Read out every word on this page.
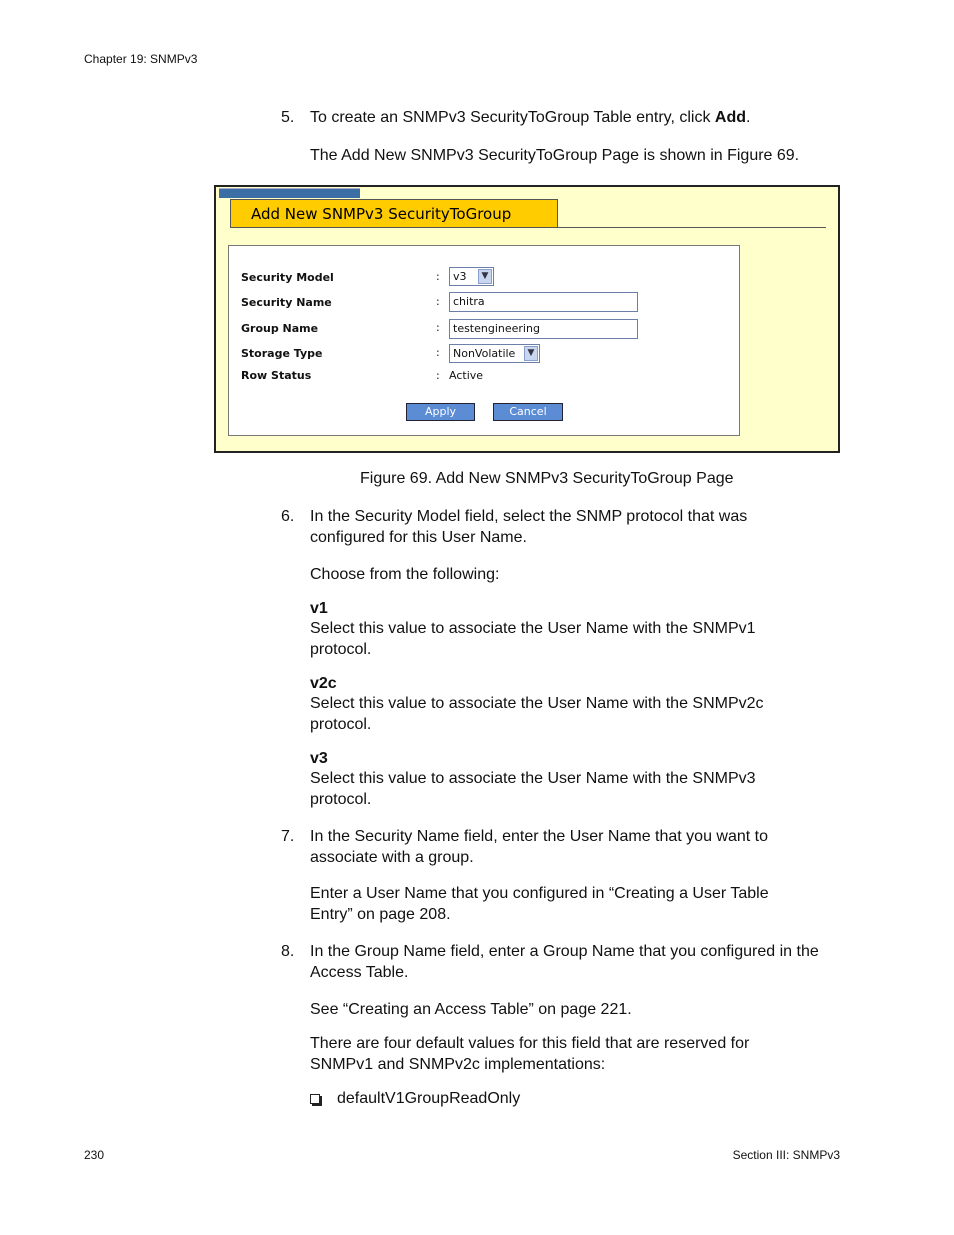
Chapter 19: SNMPv3
5. To create an SNMPv3 SecurityToGroup Table entry, click Add.
The Add New SNMPv3 SecurityToGroup Page is shown in Figure 69.
Add New SNMPv3 SecurityToGroup
Security Model	:	v3	▼
Security Name	:	chitra
Group Name	:	testengineering
Storage Type	:	NonVolatile	▼
Row Status	: Active
Apply	Cancel
Figure 69. Add New SNMPv3 SecurityToGroup Page
6. In the Security Model field, select the SNMP protocol that was configured for this User Name.
Choose from the following:
v1
Select this value to associate the User Name with the SNMPv1 protocol.
v2c
Select this value to associate the User Name with the SNMPv2c protocol.
v3
Select this value to associate the User Name with the SNMPv3 protocol.
7. In the Security Name field, enter the User Name that you want to associate with a group.
Enter a User Name that you configured in “Creating a User Table Entry” on page 208.
8. In the Group Name field, enter a Group Name that you configured in the Access Table.
See “Creating an Access Table” on page 221.
There are four default values for this field that are reserved for SNMPv1 and SNMPv2c implementations:
defaultV1GroupReadOnly
230	Section III: SNMPv3
